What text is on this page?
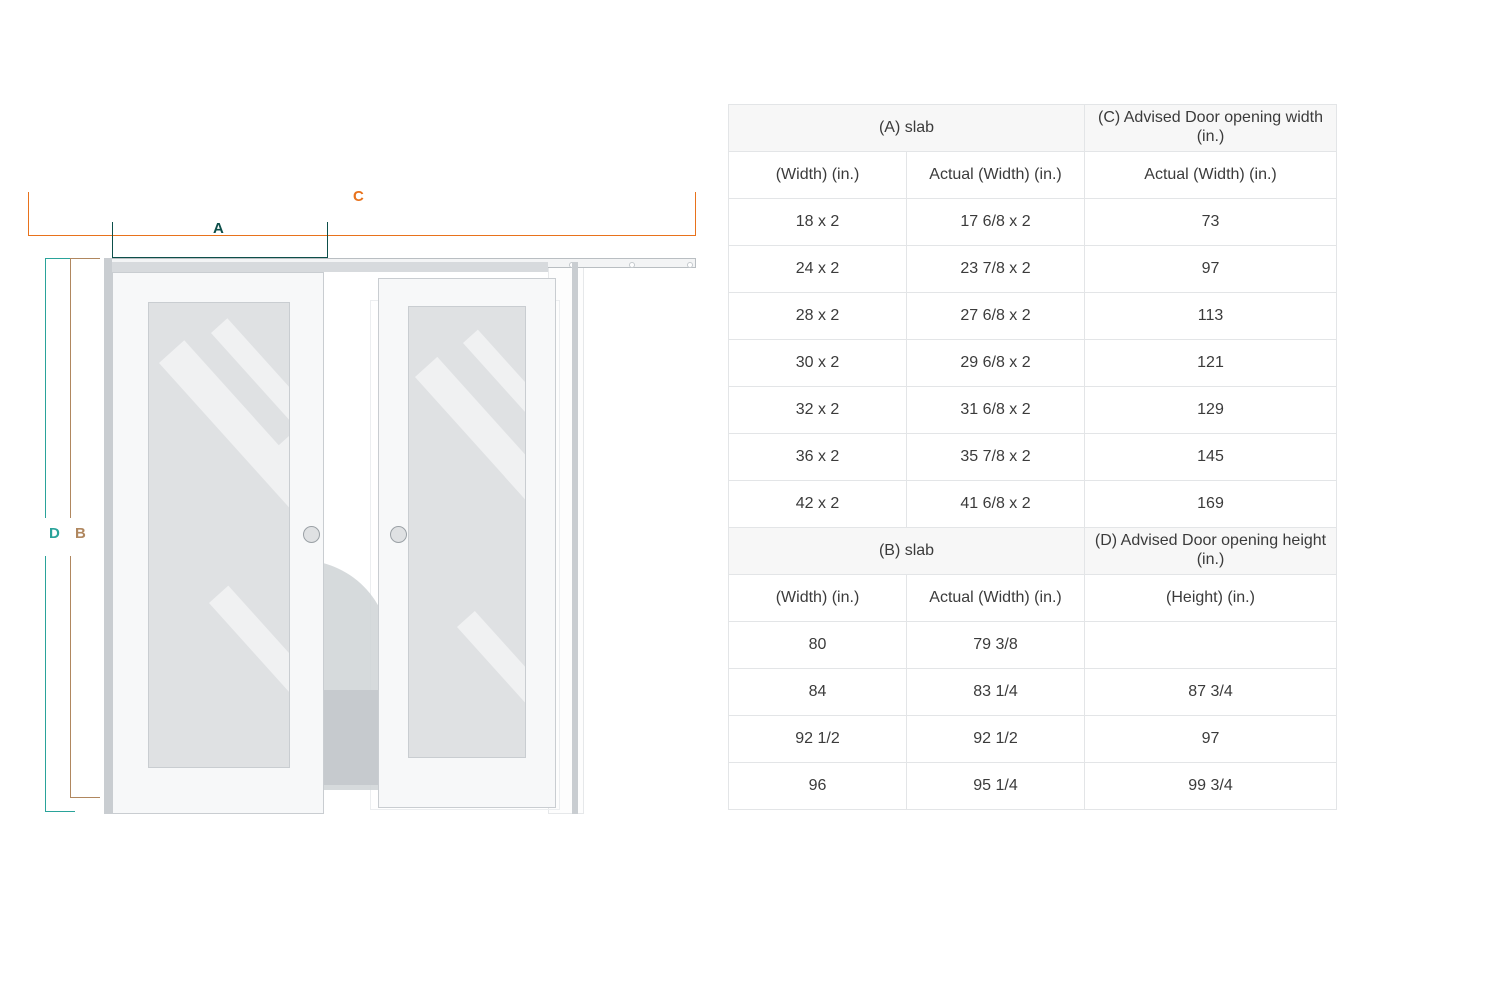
C
A
D B
(A) slab		(C) Advised Door opening width (in.)
(Width) (in.)	Actual (Width) (in.)	Actual (Width) (in.)
18 x 2	17 6/8 x 2	73
24 x 2	23 7/8 x 2	97
28 x 2	27 6/8 x 2	113
30 x 2	29 6/8 x 2	121
32 x 2	31 6/8 x 2	129
36 x 2	35 7/8 x 2	145
42 x 2	41 6/8 x 2	169
(B) slab		(D) Advised Door opening height (in.)
(Width) (in.)	Actual (Width) (in.)	(Height) (in.)
80	79 3/8	
84	83 1/4	87 3/4
92 1/2	92 1/2	97
96	95 1/4	99 3/4
